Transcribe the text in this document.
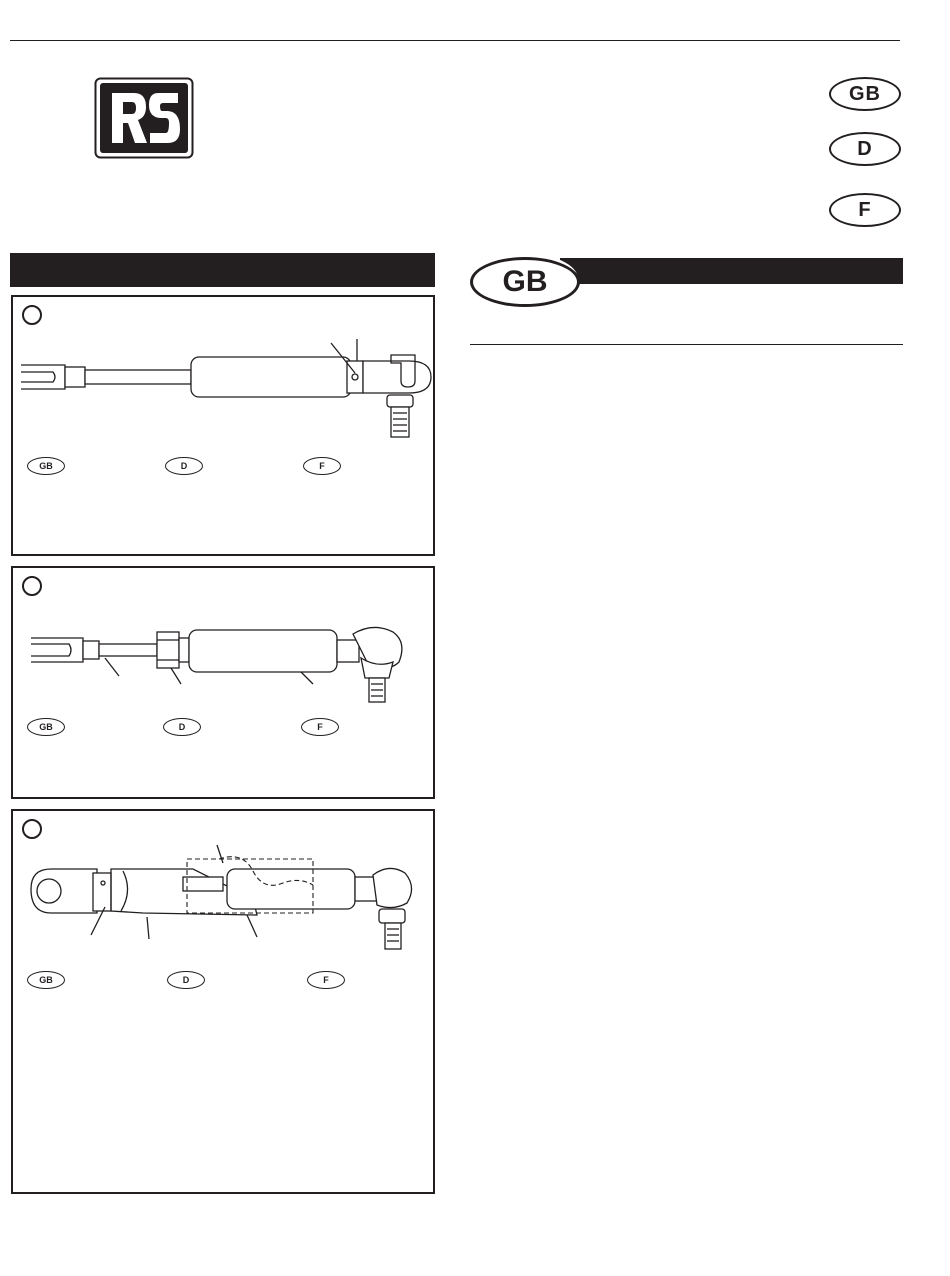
RS
GB
D
F
GB
GB	D	F
GB	D	F
GB	D	F
